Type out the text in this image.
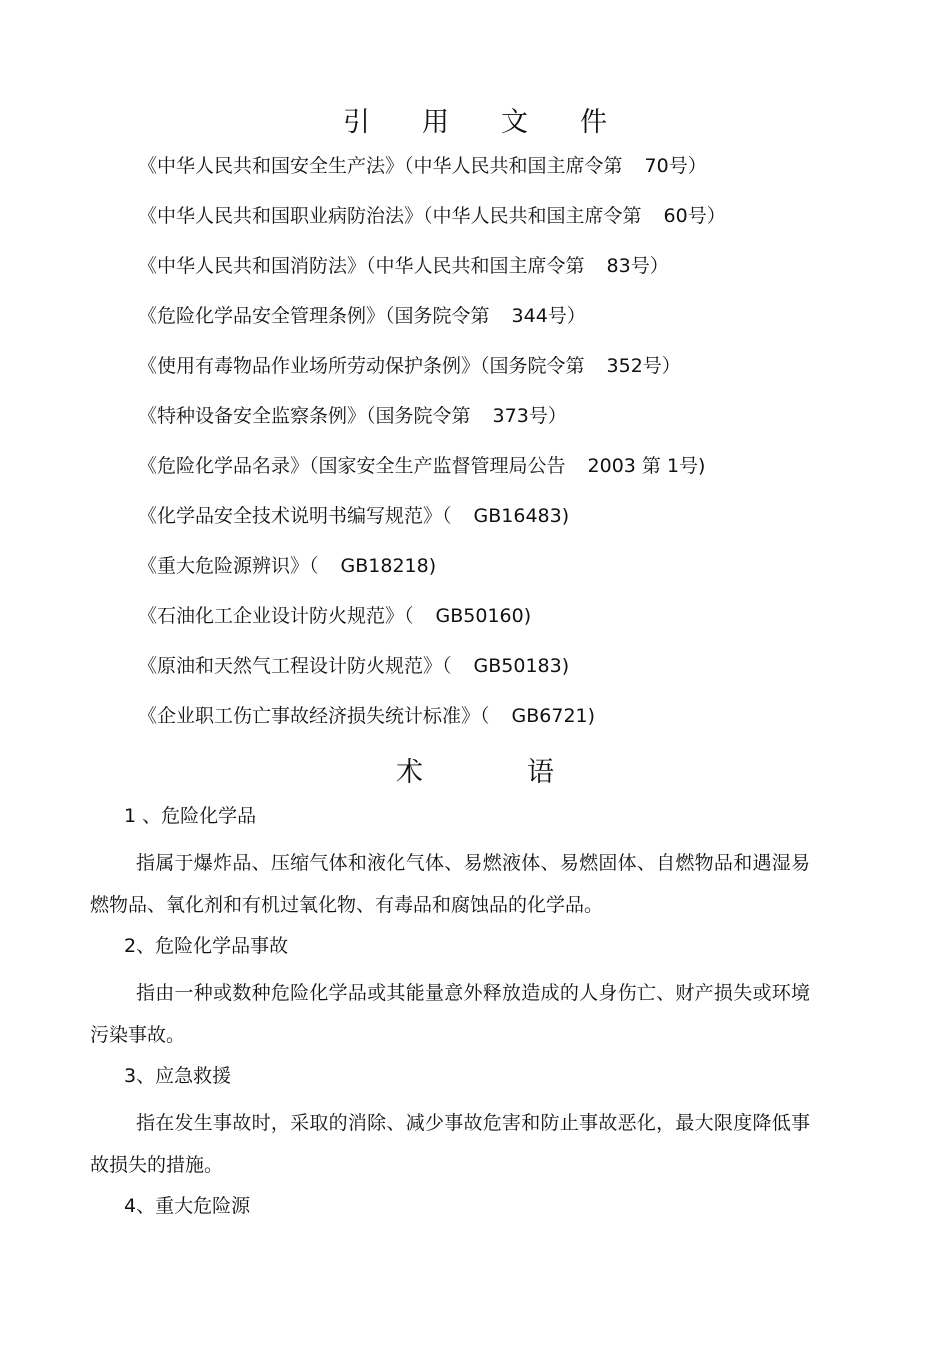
引 用 文 件
《中华人民共和国安全生产法》（中华人民共和国主席令第 70号）
《中华人民共和国职业病防治法》（中华人民共和国主席令第 60号）
《中华人民共和国消防法》（中华人民共和国主席令第 83号）
《危险化学品安全管理条例》（国务院令第 344号）
《使用有毒物品作业场所劳动保护条例》（国务院令第 352号）
《特种设备安全监察条例》（国务院令第 373号）
《危险化学品名录》（国家安全生产监督管理局公告 2003 第 1号)
《化学品安全技术说明书编写规范》（ GB16483)
《重大危险源辨识》（ GB18218)
《石油化工企业设计防火规范》（ GB50160)
《原油和天然气工程设计防火规范》（ GB50183)
《企业职工伤亡事故经济损失统计标准》（ GB6721)
术	语

1 、危险化学品

指属于爆炸品、压缩气体和液化气体、易燃液体、易燃固体、自燃物品和遇湿易燃物品、氧化剂和有机过氧化物、有毒品和腐蚀品的化学品。

2、危险化学品事故

指由一种或数种危险化学品或其能量意外释放造成的人身伤亡、财产损失或环境污染事故。

3、应急救援

指在发生事故时，采取的消除、减少事故危害和防止事故恶化，最大限度降低事故损失的措施。

4、重大危险源
